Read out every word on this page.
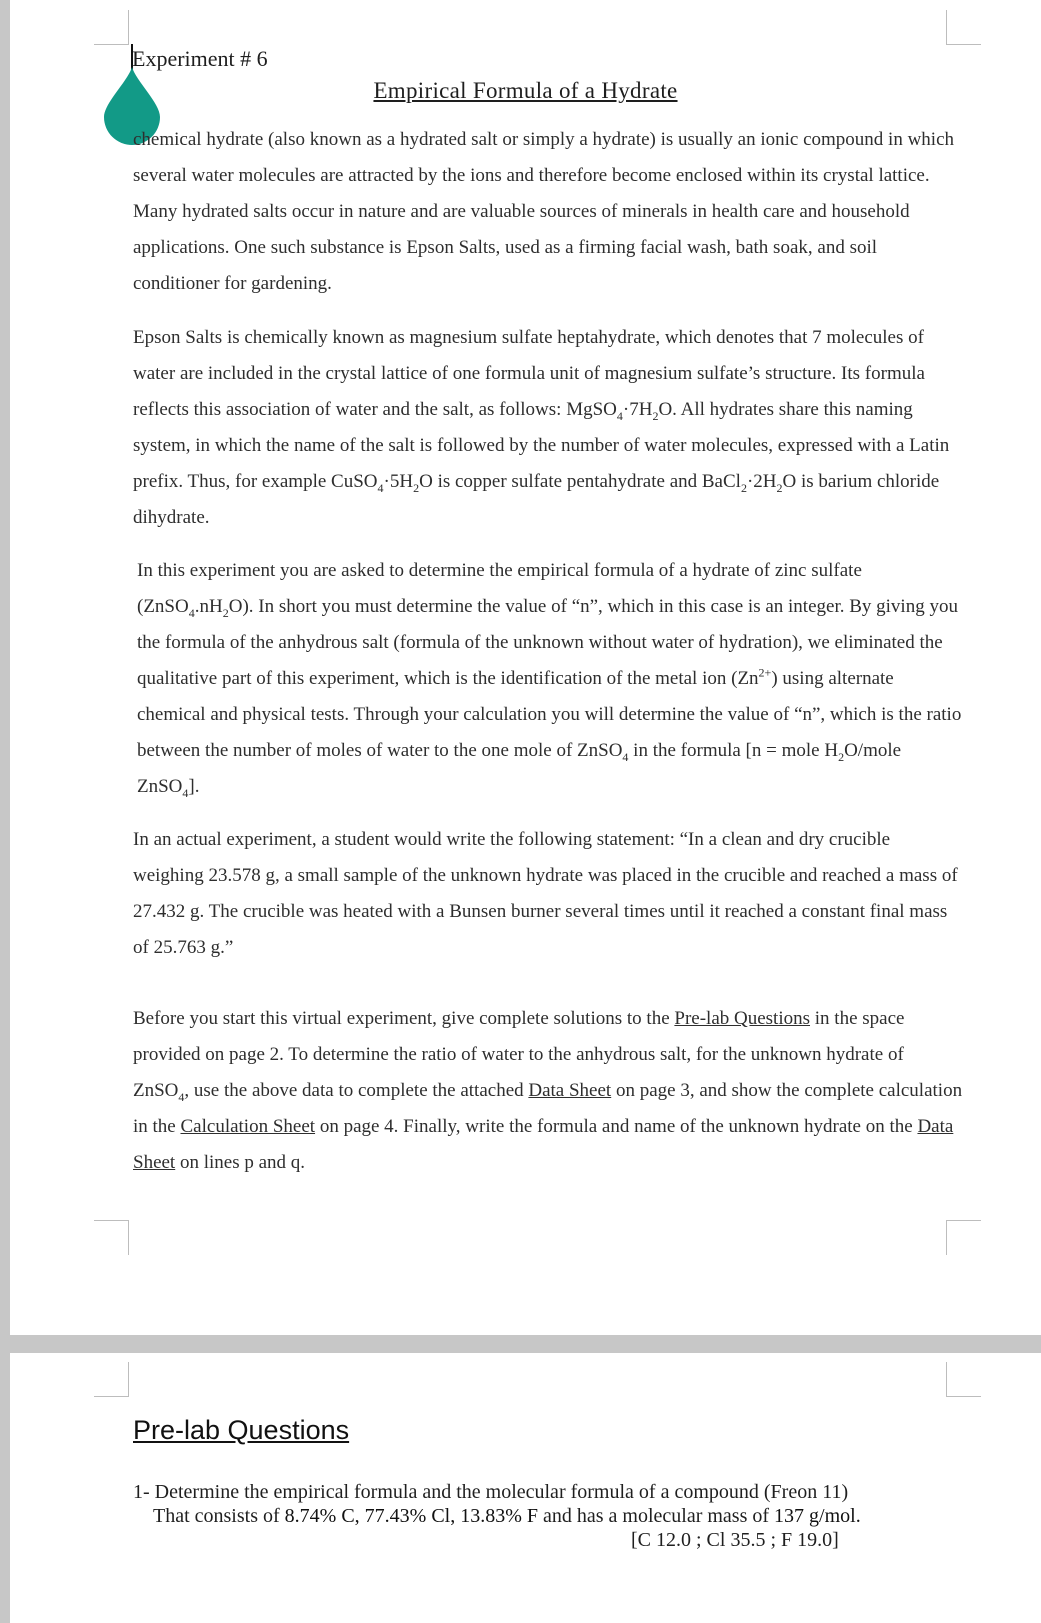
Experiment # 6
Empirical Formula of a Hydrate

chemical hydrate (also known as a hydrated salt or simply a hydrate) is usually an ionic compound in which several water molecules are attracted by the ions and therefore become enclosed within its crystal lattice. Many hydrated salts occur in nature and are valuable sources of minerals in health care and household applications. One such substance is Epson Salts, used as a firming facial wash, bath soak, and soil conditioner for gardening.

Epson Salts is chemically known as magnesium sulfate heptahydrate, which denotes that 7 molecules of water are included in the crystal lattice of one formula unit of magnesium sulfate’s structure. Its formula reflects this association of water and the salt, as follows: $MgSO_4\cdot 7H_2O$. All hydrates share this naming system, in which the name of the salt is followed by the number of water molecules, expressed with a Latin prefix. Thus, for example $CuSO_4\cdot 5H_2O$ is copper sulfate pentahydrate and $BaCl_2\cdot 2H_2O$ is barium chloride dihydrate.

In this experiment you are asked to determine the empirical formula of a hydrate of zinc sulfate $(ZnSO_4.nH_2O)$. In short you must determine the value of “n”, which in this case is an integer. By giving you the formula of the anhydrous salt (formula of the unknown without water of hydration), we eliminated the qualitative part of this experiment, which is the identification of the metal ion $(Zn^{2+})$ using alternate chemical and physical tests. Through your calculation you will determine the value of “n”, which is the ratio between the number of moles of water to the one mole of ZnSO$_4$ in the formula [n = mole $H_2O$/mole ZnSO$_4$].

In an actual experiment, a student would write the following statement: “In a clean and dry crucible weighing 23.578 g, a small sample of the unknown hydrate was placed in the crucible and reached a mass of 27.432 g. The crucible was heated with a Bunsen burner several times until it reached a constant final mass of 25.763 g.”

Before you start this virtual experiment, give complete solutions to the Pre-lab Questions in the space provided on page 2. To determine the ratio of water to the anhydrous salt, for the unknown hydrate of ZnSO$_4$, use the above data to complete the attached Data Sheet on page 3, and show the complete calculation in the Calculation Sheet on page 4. Finally, write the formula and name of the unknown hydrate on the Data Sheet on lines p and q.

Pre-lab Questions
1- Determine the empirical formula and the molecular formula of a compound (Freon 11)
That consists of 8.74% C, 77.43% Cl, 13.83% F and has a molecular mass of 137 g/mol.
[C 12.0 ; Cl 35.5 ; F 19.0]
